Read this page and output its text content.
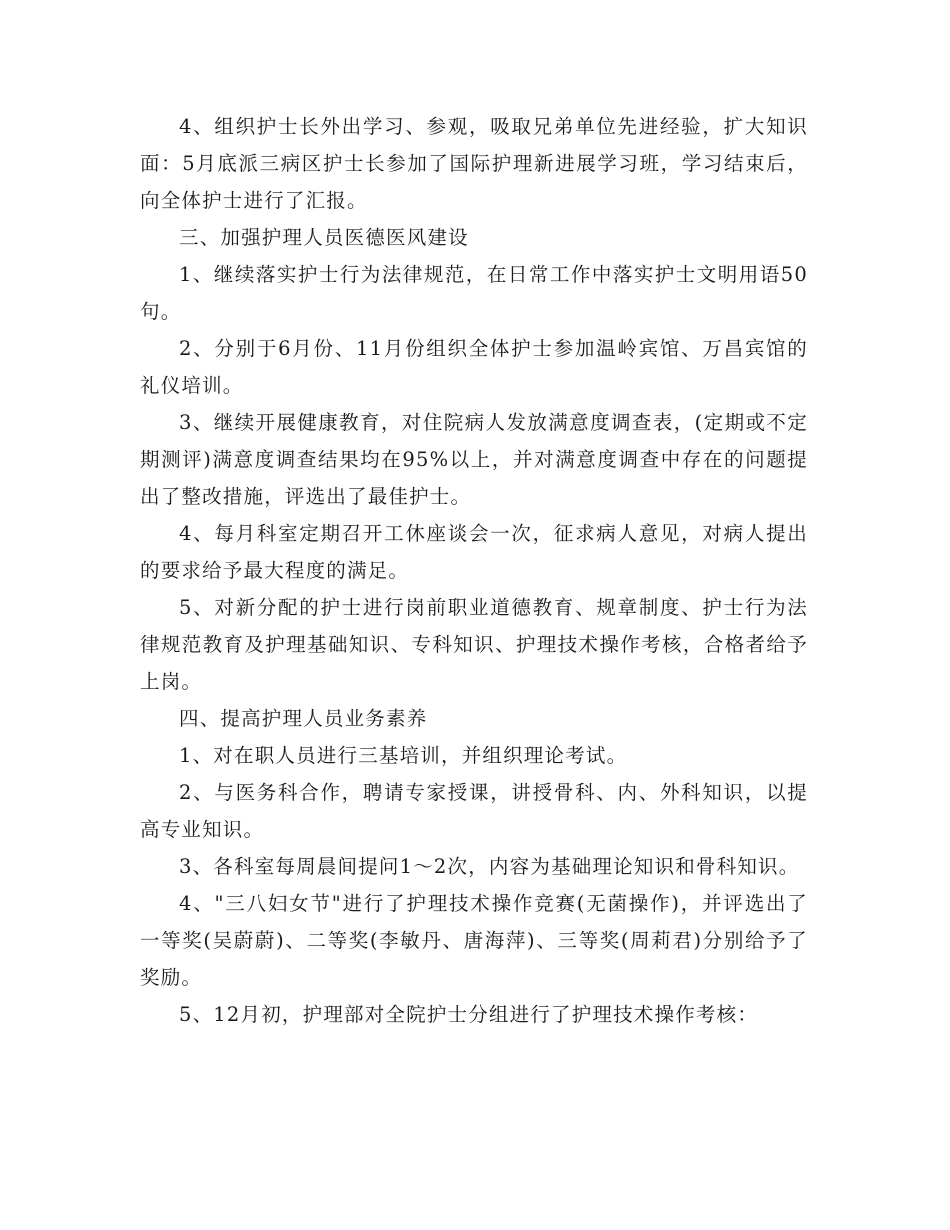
4、组织护士长外出学习、参观，吸取兄弟单位先进经验，扩大知识面：5月底派三病区护士长参加了国际护理新进展学习班，学习结束后，向全体护士进行了汇报。

三、加强护理人员医德医风建设

1、继续落实护士行为法律规范，在日常工作中落实护士文明用语50句。

2、分别于6月份、11月份组织全体护士参加温岭宾馆、万昌宾馆的礼仪培训。

3、继续开展健康教育，对住院病人发放满意度调查表，(定期或不定期测评)满意度调查结果均在95%以上，并对满意度调查中存在的问题提出了整改措施，评选出了最佳护士。

4、每月科室定期召开工休座谈会一次，征求病人意见，对病人提出的要求给予最大程度的满足。

5、对新分配的护士进行岗前职业道德教育、规章制度、护士行为法律规范教育及护理基础知识、专科知识、护理技术操作考核，合格者给予上岗。

四、提高护理人员业务素养

1、对在职人员进行三基培训，并组织理论考试。

2、与医务科合作，聘请专家授课，讲授骨科、内、外科知识，以提高专业知识。

3、各科室每周晨间提问1～2次，内容为基础理论知识和骨科知识。

4、"三八妇女节"进行了护理技术操作竞赛(无菌操作)，并评选出了一等奖(吴蔚蔚)、二等奖(李敏丹、唐海萍)、三等奖(周莉君)分别给予了奖励。

5、12月初，护理部对全院护士分组进行了护理技术操作考核：
